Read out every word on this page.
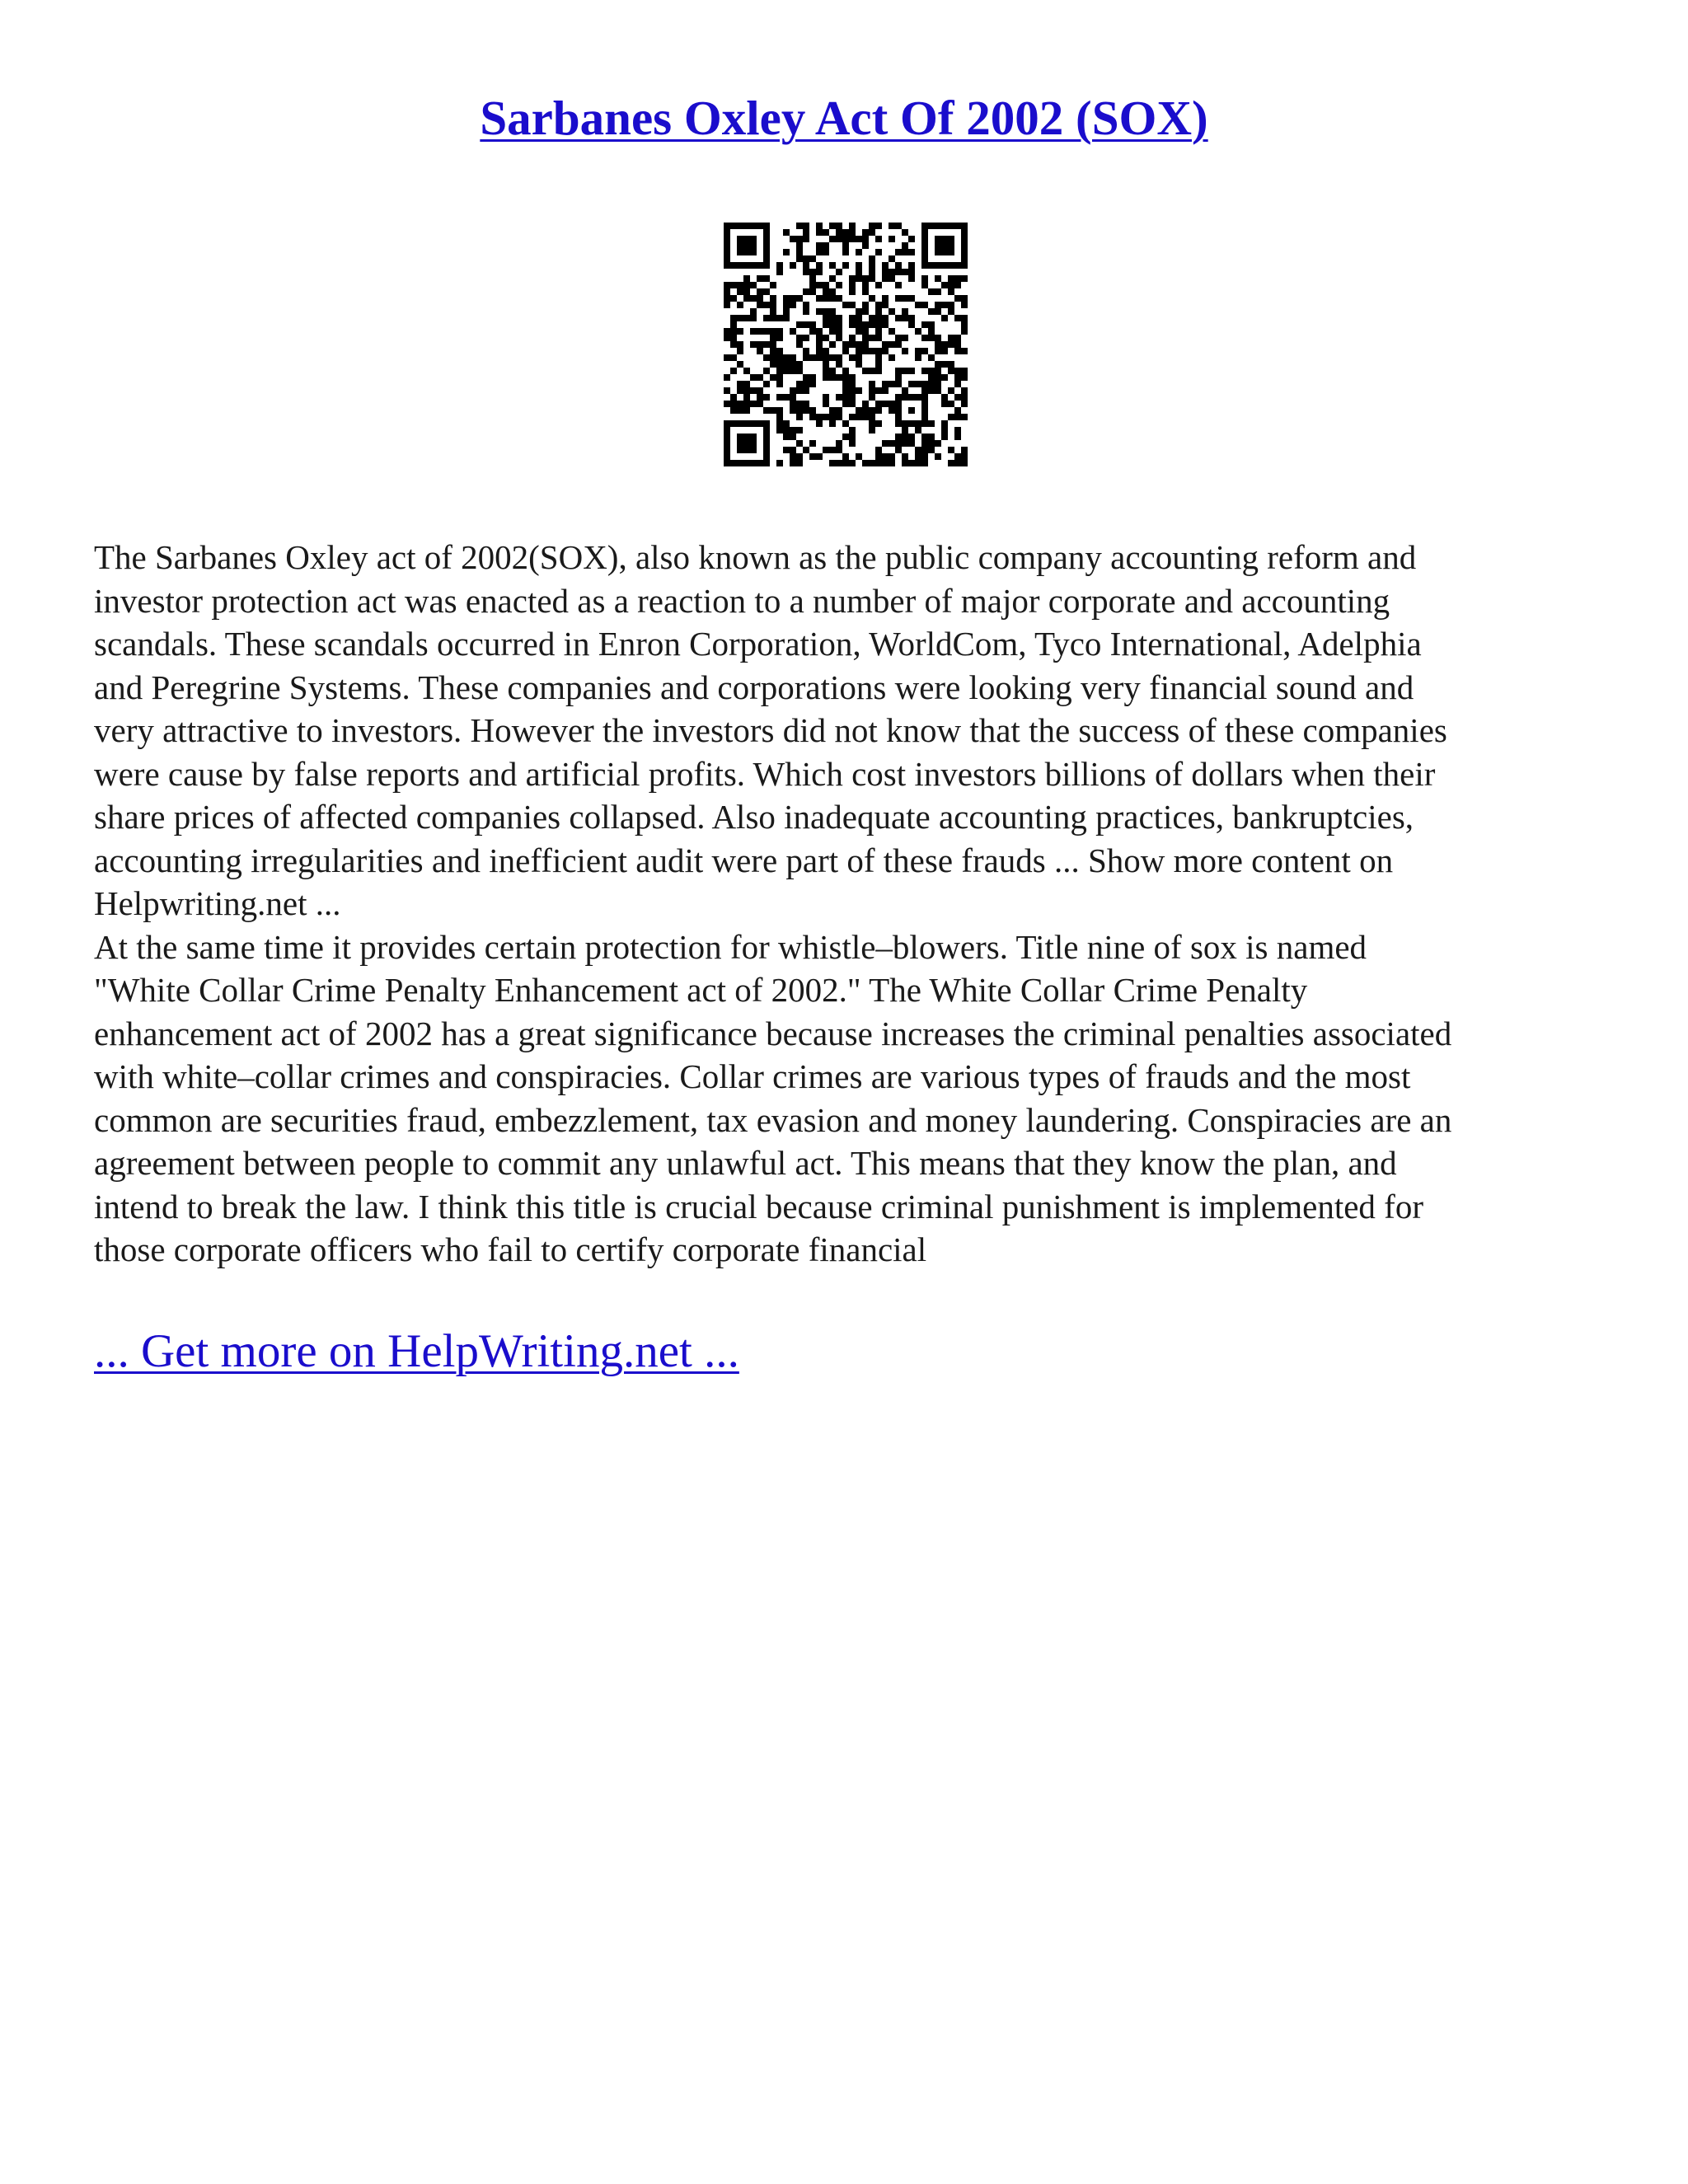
Sarbanes Oxley Act Of 2002 (SOX)

The Sarbanes Oxley act of 2002(SOX), also known as the public company accounting reform and

investor protection act was enacted as a reaction to a number of major corporate and accounting

scandals. These scandals occurred in Enron Corporation, WorldCom, Tyco International, Adelphia

and Peregrine Systems. These companies and corporations were looking very financial sound and

very attractive to investors. However the investors did not know that the success of these companies

were cause by false reports and artificial profits. Which cost investors billions of dollars when their

share prices of affected companies collapsed. Also inadequate accounting practices, bankruptcies,

accounting irregularities and inefficient audit were part of these frauds ... Show more content on

Helpwriting.net ...

At the same time it provides certain protection for whistle–blowers. Title nine of sox is named

"White Collar Crime Penalty Enhancement act of 2002." The White Collar Crime Penalty

enhancement act of 2002 has a great significance because increases the criminal penalties associated

with white–collar crimes and conspiracies. Collar crimes are various types of frauds and the most

common are securities fraud, embezzlement, tax evasion and money laundering. Conspiracies are an

agreement between people to commit any unlawful act. This means that they know the plan, and

intend to break the law. I think this title is crucial because criminal punishment is implemented for

those corporate officers who fail to certify corporate financial

... Get more on HelpWriting.net ...
